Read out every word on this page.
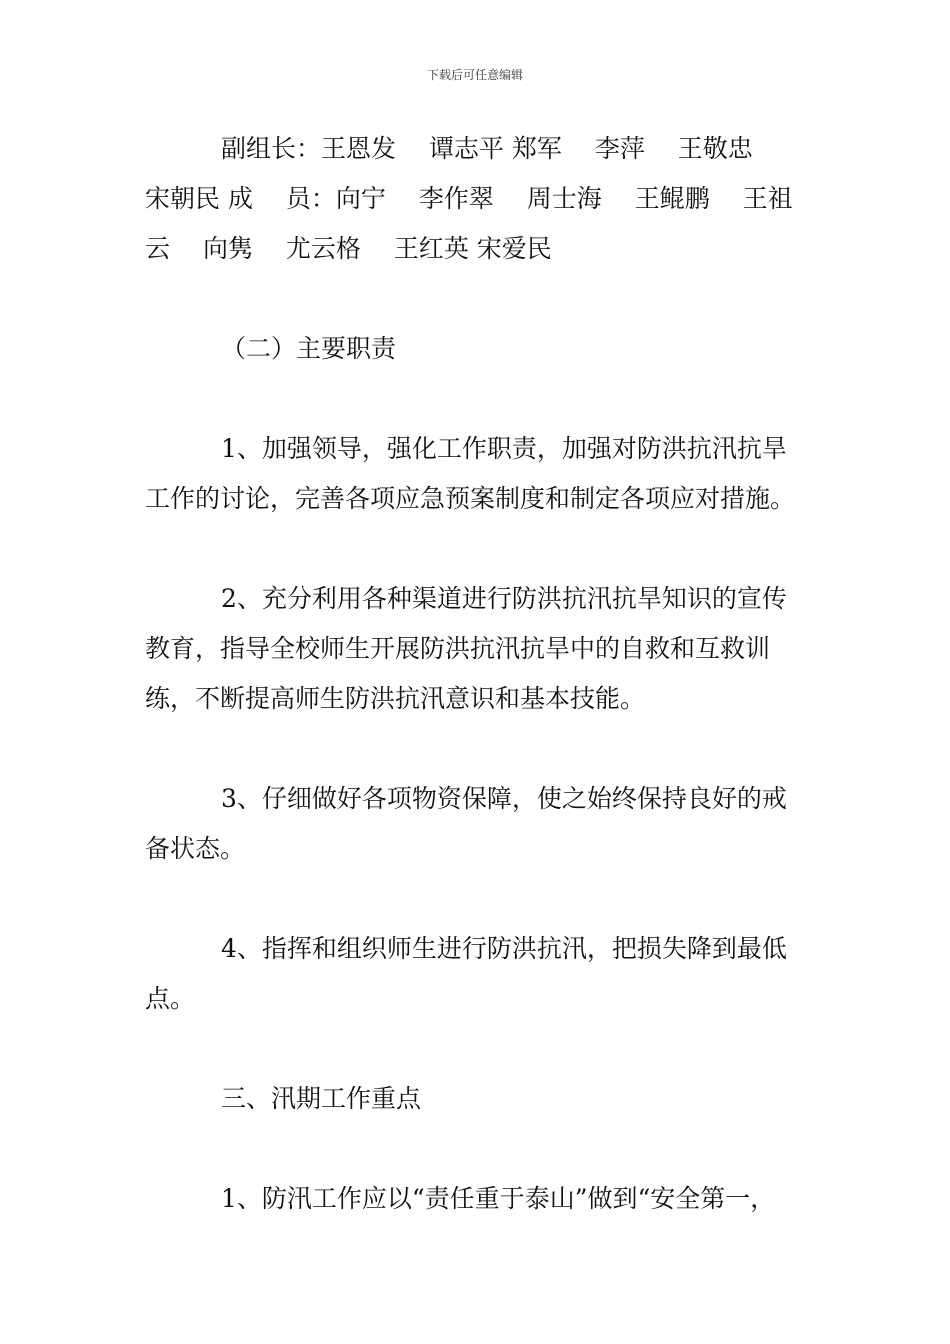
下载后可任意编辑
副组长：王恩发　 谭志平 郑军　 李萍　 王敬忠
宋朝民 成　 员：向宁　 李作翠　 周士海　 王鲲鹏　 王祖
云　 向隽　 尤云格　 王红英 宋爱民
（二）主要职责
1、加强领导，强化工作职责，加强对防洪抗汛抗旱
工作的讨论，完善各项应急预案制度和制定各项应对措施。
2、充分利用各种渠道进行防洪抗汛抗旱知识的宣传
教育，指导全校师生开展防洪抗汛抗旱中的自救和互救训
练，不断提高师生防洪抗汛意识和基本技能。
3、仔细做好各项物资保障，使之始终保持良好的戒
备状态。
4、指挥和组织师生进行防洪抗汛，把损失降到最低
点。
三、汛期工作重点
1、防汛工作应以“责任重于泰山”做到“安全第一，
